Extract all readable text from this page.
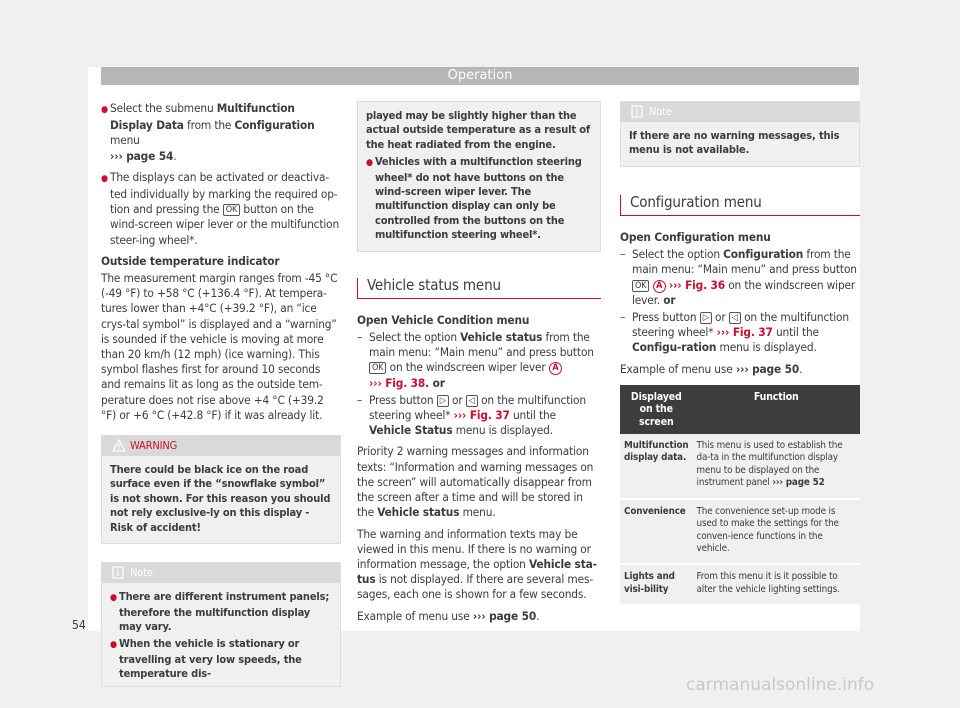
Operation

● Select the submenu Multifunction Display Data from the Configuration menu
››› page 54.

● The displays can be activated or deactiva-ted individually by marking the required op-tion and pressing the OK button on the wind-screen wiper lever or the multifunction steer-ing wheel*.

Outside temperature indicator

The measurement margin ranges from -45 °C (-49 °F) to +58 °C (+136.4 °F). At tempera-tures lower than +4°C (+39.2 °F), an “ice crys-tal symbol” is displayed and a “warning” is sounded if the vehicle is moving at more than 20 km/h (12 mph) (ice warning). This symbol flashes first for around 10 seconds and remains lit as long as the outside tem-perature does not rise above +4 °C (+39.2 °F) or +6 °C (+42.8 °F) if it was already lit.

WARNING
There could be black ice on the road surface even if the “snowflake symbol” is not shown. For this reason you should not rely exclusive-ly on this display - Risk of accident!
Note

● There are different instrument panels; therefore the multifunction display may vary.

● When the vehicle is stationary or travelling at very low speeds, the temperature dis-

played may be slightly higher than the actual outside temperature as a result of the heat radiated from the engine.

● Vehicles with a multifunction steering wheel* do not have buttons on the wind-screen wiper lever. The multifunction display can only be controlled from the buttons on the multifunction steering wheel*.

Vehicle status menu

Open Vehicle Condition menu

– Select the option Vehicle status from the main menu: “Main menu” and press button OK on the windscreen wiper lever A
››› Fig. 38. or

– Press button ▷ or ◁ on the multifunction steering wheel* ››› Fig. 37 until the Vehicle Status menu is displayed.

Priority 2 warning messages and information texts: “Information and warning messages on the screen” will automatically disappear from the screen after a time and will be stored in the Vehicle status menu.

The warning and information texts may be viewed in this menu. If there is no warning or information message, the option Vehicle sta-tus is not displayed. If there are several mes-sages, each one is shown for a few seconds.

Example of menu use ››› page 50.

Note
If there are no warning messages, this menu is not available.
Configuration menu

Open Configuration menu

– Select the option Configuration from the main menu: “Main menu” and press button OK A ››› Fig. 36 on the windscreen wiper lever. or

– Press button ▷ or ◁ on the multifunction steering wheel* ››› Fig. 37 until the Configu-ration menu is displayed.

Example of menu use ››› page 50.

Displayed on the screen	Function
Multifunction display data.	This menu is used to establish the da-ta in the multifunction display menu to be displayed on the instrument panel ››› page 52
Convenience	The convenience set-up mode is used to make the settings for the conven-ience functions in the vehicle.
Lights and visi-bility	From this menu it is it possible to alter the vehicle lighting settings.
54
carmanualsonline.info
